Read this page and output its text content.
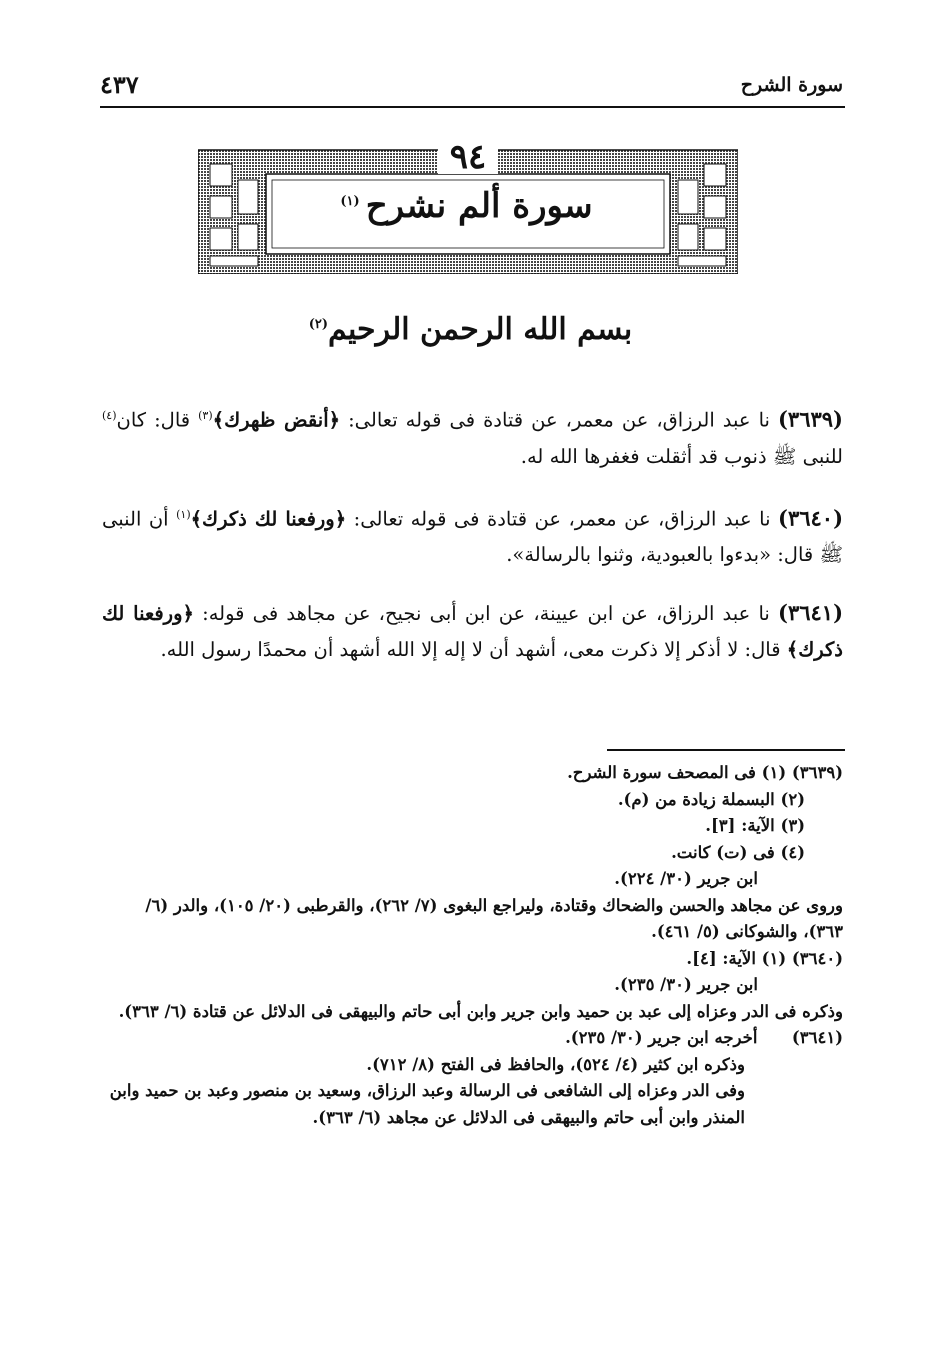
سورة الشرح
٤٣٧
٩٤
سورة ألم نشرح$^{(١)}$
بسم الله الرحمن الرحيم$^{(٢)}$

(٣٦٣٩) نا عبد الرزاق، عن معمر، عن قتادة فى قوله تعالى: ﴿أنقض ظهرك﴾$^{(٣)}$ قال: كان$^{(٤)}$ للنبى ﷺ ذنوب قد أثقلت فغفرها الله له.

(٣٦٤٠) نا عبد الرزاق، عن معمر، عن قتادة فى قوله تعالى: ﴿ورفعنا لك ذكرك﴾$^{(١)}$ أن النبى ﷺ قال: «بدءوا بالعبودية، وثنوا بالرسالة».

(٣٦٤١) نا عبد الرزاق، عن ابن عيينة، عن ابن أبى نجيح، عن مجاهد فى قوله: ﴿ورفعنا لك ذكرك﴾ قال: لا أذكر إلا ذكرت معى، أشهد أن لا إله إلا الله أشهد أن محمدًا رسول الله.

(٣٦٣٩) (١) فى المصحف سورة الشرح.

(٢) البسملة زيادة من (م).

(٣) الآية: [٣].

(٤) فى (ت) كانت.

ابن جرير (٣٠/ ٢٢٤).

وروى عن مجاهد والحسن والضحاك وقتادة، وليراجع البغوى (٧/ ٢٦٢)، والقرطبى (٢٠/ ١٠٥)، والدر (٦/ ٣٦٣)، والشوكانى (٥/ ٤٦١).

(٣٦٤٠) (١) الآية: [٤].

ابن جرير (٣٠/ ٢٣٥).

وذكره فى الدر وعزاه إلى عبد بن حميد وابن جرير وابن أبى حاتم والبيهقى فى الدلائل عن قتادة (٦/ ٣٦٣).

(٣٦٤١)      أخرجه ابن جرير (٣٠/ ٢٣٥).

وذكره ابن كثير (٤/ ٥٢٤)، والحافظ فى الفتح (٨/ ٧١٢).

وفى الدر وعزاه إلى الشافعى فى الرسالة وعبد الرزاق، وسعيد بن منصور وعبد بن حميد وابن المنذر وابن أبى حاتم والبيهقى فى الدلائل عن مجاهد (٦/ ٣٦٣).
